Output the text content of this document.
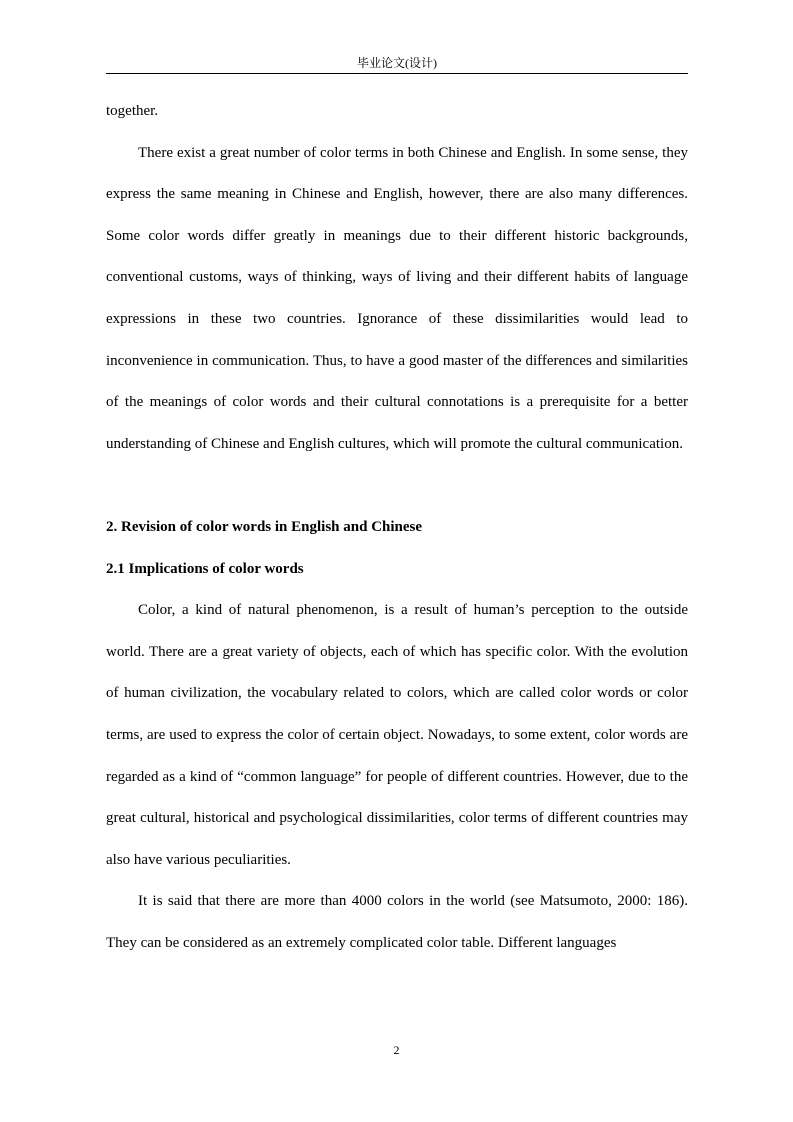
毕业论文(设计)

together.

There exist a great number of color terms in both Chinese and English. In some sense, they express the same meaning in Chinese and English, however, there are also many differences. Some color words differ greatly in meanings due to their different historic backgrounds, conventional customs, ways of thinking, ways of living and their different habits of language expressions in these two countries. Ignorance of these dissimilarities would lead to inconvenience in communication. Thus, to have a good master of the differences and similarities of the meanings of color words and their cultural connotations is a prerequisite for a better understanding of Chinese and English cultures, which will promote the cultural communication.

2. Revision of color words in English and Chinese

2.1 Implications of color words

Color, a kind of natural phenomenon, is a result of human’s perception to the outside world. There are a great variety of objects, each of which has specific color. With the evolution of human civilization, the vocabulary related to colors, which are called color words or color terms, are used to express the color of certain object. Nowadays, to some extent, color words are regarded as a kind of “common language” for people of different countries. However, due to the great cultural, historical and psychological dissimilarities, color terms of different countries may also have various peculiarities.

It is said that there are more than 4000 colors in the world (see Matsumoto, 2000: 186). They can be considered as an extremely complicated color table. Different languages

2
